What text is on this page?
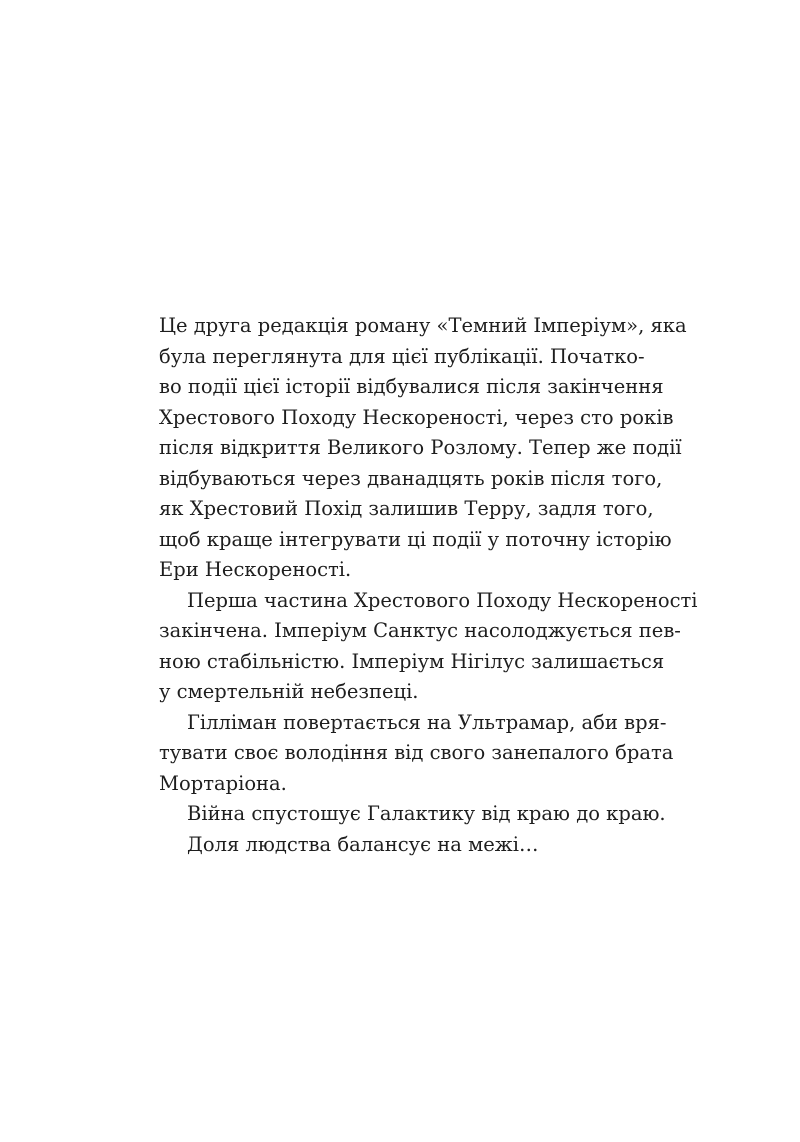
Це друга редакція роману «Темний Імперіум», яка
була переглянута для цієї публікації. Початко-
во події цієї історії відбувалися після закінчення
Хрестового Походу Нескореності, через сто років
після відкриття Великого Розлому. Тепер же події
відбуваються через дванадцять років після того,
як Хрестовий Похід залишив Терру, задля того,
щоб краще інтегрувати ці події у поточну історію
Ери Нескореності.
Перша частина Хрестового Походу Нескореності
закінчена. Імперіум Санктус насолоджується пев-
ною стабільністю. Імперіум Нігілус залишається
у смертельній небезпеці.
Гілліман повертається на Ультрамар, аби вря-
тувати своє володіння від свого занепалого брата
Мортаріона.
Війна спустошує Галактику від краю до краю.
Доля людства балансує на межі…
